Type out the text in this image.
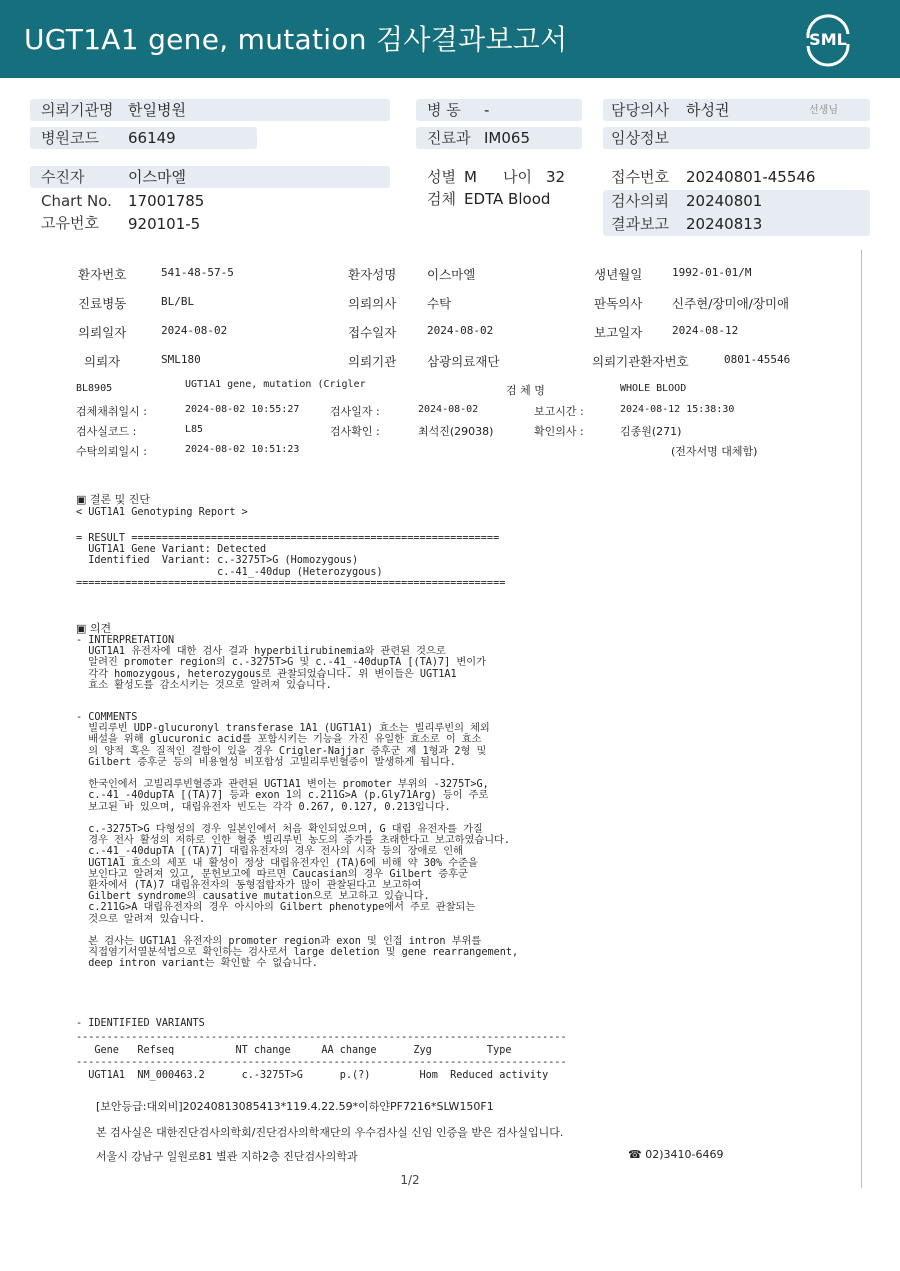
UGT1A1 gene, mutation 검사결과보고서	SML
의뢰기관명 한일병원
병원코드 66149
병 동 -
진료과 IM065
담당의사 하성권	선생님
임상정보
수진자	이스마엘
Chart No. 17001785
고유번호 920101-5
성별 M 나이 32
검체 EDTA Blood
접수번호 20240801-45546
검사의뢰 20240801
결과보고 20240813
환자번호	541-48-57-5	환자성명 이스마엘	생년월일	1992-01-01/M
진료병동	BL/BL	의뢰의사 수탁	판독의사 신주현/장미애/장미애
의뢰일자	2024-08-02	접수일자	2024-08-02	보고일자	2024-08-12
의뢰자	SML180	의뢰기관 삼광의료재단	의뢰기관환자번호	0801-45546
BL8905	UGT1A1 gene, mutation (Crigler	검 체 명	WHOLE BLOOD
검체채취일시 :	2024-08-02 10:55:27	검사일자 :	2024-08-02	보고시간 :	2024-08-12 15:38:30
검사실코드 :	L85	검사확인 :	최석진(29038)	확인의사 :	김종원(271)
수탁의뢰일시 :	2024-08-02 10:51:23	(전자서명 대체함)
▣ 결론 및 진단
< UGT1A1 Genotyping Report >
= RESULT ============================================================
UGT1A1 Gene Variant: Detected
Identified  Variant: c.-3275T>G (Homozygous)
c.-41_-40dup (Heterozygous)
======================================================================
▣ 의견
- INTERPRETATION
UGT1A1 유전자에 대한 검사 결과 hyperbilirubinemia와 관련된 것으로
알려진 promoter region의 c.-3275T>G 및 c.-41_-40dupTA [(TA)7] 변이가
각각 homozygous, heterozygous로 관찰되었습니다. 위 변이들은 UGT1A1
효소 활성도를 감소시키는 것으로 알려져 있습니다.
- COMMENTS
빌리루빈 UDP-glucuronyl transferase 1A1 (UGT1A1) 효소는 빌리루빈의 체외
배설을 위해 glucuronic acid를 포함시키는 기능을 가진 유일한 효소로 이 효소
의 양적 혹은 질적인 결함이 있을 경우 Crigler-Najjar 증후군 제 1형과 2형 및
Gilbert 증후군 등의 비용혈성 비포합성 고빌리루빈혈증이 발생하게 됩니다.

한국인에서 고빌리루빈혈증과 관련된 UGT1A1 변이는 promoter 부위의 -3275T>G,
c.-41_-40dupTA [(TA)7] 등과 exon 1의 c.211G>A (p.Gly71Arg) 등이 주로
보고된 바 있으며, 대립유전자 빈도는 각각 0.267, 0.127, 0.213입니다.

c.-3275T>G 다형성의 경우 일본인에서 처음 확인되었으며, G 대립 유전자를 가질
경우 전사 활성의 저하로 인한 혈중 빌리루빈 농도의 증가를 초래한다고 보고하였습니다.
c.-41_-40dupTA [(TA)7] 대립유전자의 경우 전사의 시작 등의 장애로 인해
UGT1A1 효소의 세포 내 활성이 정상 대립유전자인 (TA)6에 비해 약 30% 수준을
보인다고 알려져 있고, 문헌보고에 따르면 Caucasian의 경우 Gilbert 증후군
환자에서 (TA)7 대립유전자의 동형접합자가 많이 관찰된다고 보고하여
Gilbert syndrome의 causative mutation으로 보고하고 있습니다.
c.211G>A 대립유전자의 경우 아시아의 Gilbert phenotype에서 주로 관찰되는
것으로 알려져 있습니다.

본 검사는 UGT1A1 유전자의 promoter region과 exon 및 인접 intron 부위를
직접염기서열분석법으로 확인하는 검사로서 large deletion 및 gene rearrangement,
deep intron variant는 확인할 수 없습니다.
- IDENTIFIED VARIANTS
--------------------------------------------------------------------------------
Gene   Refseq          NT change     AA change      Zyg         Type
--------------------------------------------------------------------------------
UGT1A1  NM_000463.2      c.-3275T>G      p.(?)        Hom  Reduced activity
[보안등급:대외비]20240813085413*119.4.22.59*이하얀PF7216*SLW150F1
본 검사실은 대한진단검사의학회/진단검사의학재단의 우수검사실 신임 인증을 받은 검사실입니다.
서울시 강남구 일원로81 별관 지하2층 진단검사의학과	☎ 02)3410-6469
1/2
